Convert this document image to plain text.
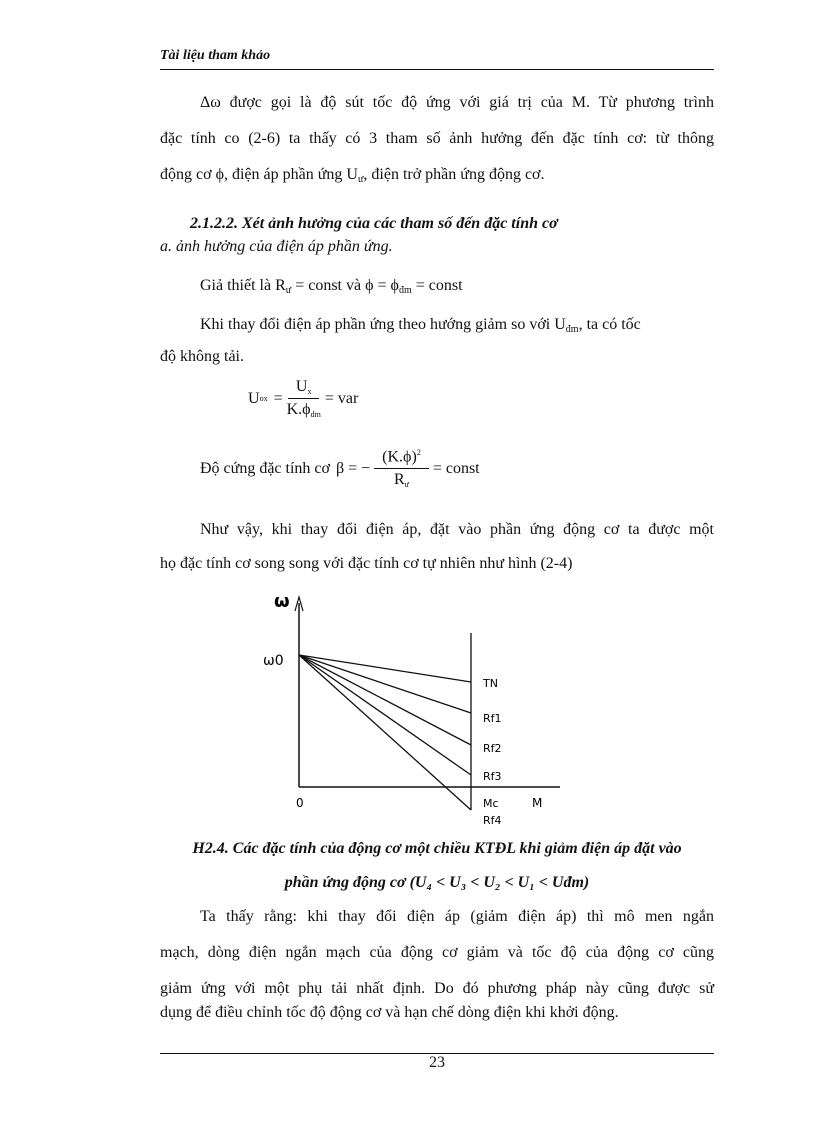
Tài liệu tham khảo
Δω được gọi là độ sút tốc độ ứng với giá trị của M. Từ phương trình
đặc tính co (2-6) ta thấy có 3 tham số ảnh hưởng đến đặc tính cơ: từ thông
động cơ ϕ, điện áp phần ứng $U_ư$, điện trở phần ứng động cơ.
2.1.2.2. Xét ảnh hưởng của các tham số đến đặc tính cơ
a. ảnh hưởng của điện áp phần ứng.
Giả thiết là $R_ư$ = const và $\phi = \phi_{đm}$ = const
Khi thay đổi điện áp phần ứng theo hướng giảm so với $U_{đm}$, ta có tốc
độ không tải.
U ox = $\frac{U_x}{K.\phi_{dm}}$ = var
Độ cứng đặc tính cơ β = − $\frac{(K.\phi)^2}{R_ư}$ = const
Như vậy, khi thay đổi điện áp, đặt vào phần ứng động cơ ta được một
họ đặc tính cơ song song với đặc tính cơ tự nhiên như hình (2-4)
ω
ω0
0	M
TN
Rf1
Rf2
Rf3
Mc
Rf4
H2.4. Các đặc tính của động cơ một chiều KTĐL khi giảm điện áp đặt vào
phần ứng động cơ (U₄ < U₃ < U₂ < U₁ < Uđm)
Ta thấy rằng: khi thay đổi điện áp (giảm điện áp) thì mô men ngắn
mạch, dòng điện ngắn mạch của động cơ giảm và tốc độ của động cơ cũng
giảm ứng với một phụ tải nhất định. Do đó phương pháp này cũng được sử
dụng để điều chỉnh tốc độ động cơ và hạn chế dòng điện khi khởi động.
23
